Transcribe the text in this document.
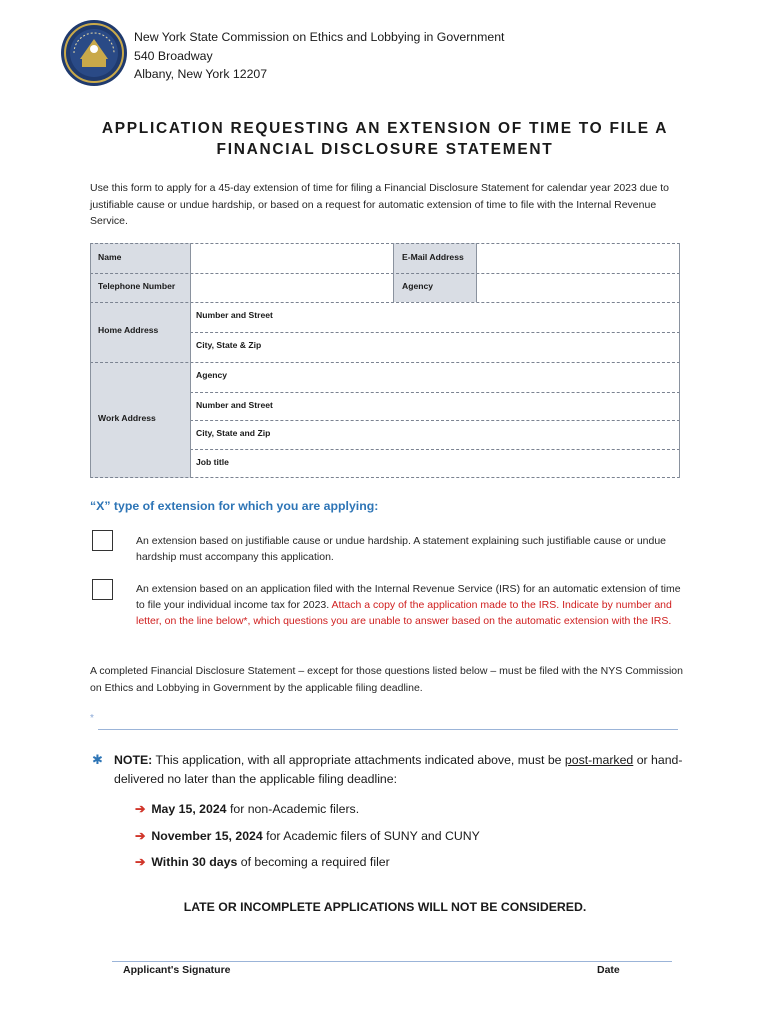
New York State Commission on Ethics and Lobbying in Government
540 Broadway
Albany, New York 12207
APPLICATION REQUESTING AN EXTENSION OF TIME TO FILE A
FINANCIAL DISCLOSURE STATEMENT
Use this form to apply for a 45-day extension of time for filing a Financial Disclosure Statement for calendar year 2023 due to justifiable cause or undue hardship, or based on a request for automatic extension of time to file with the Internal Revenue Service.
Name	E-Mail Address
Telephone Number	Agency
Home Address
Number and Street
City, State & Zip
Work Address
Agency
Number and Street
City, State and Zip
Job title
“X” type of extension for which you are applying:
An extension based on justifiable cause or undue hardship. A statement explaining such justifiable cause or undue hardship must accompany this application.
An extension based on an application filed with the Internal Revenue Service (IRS) for an automatic extension of time to file your individual income tax for 2023. Attach a copy of the application made to the IRS. Indicate by number and letter, on the line below*, which questions you are unable to answer based on the automatic extension with the IRS.
A completed Financial Disclosure Statement – except for those questions listed below – must be filed with the NYS Commission on Ethics and Lobbying in Government by the applicable filing deadline.
*
✱ NOTE: This application, with all appropriate attachments indicated above, must be post-marked or hand-delivered no later than the applicable filing deadline:
➔ May 15, 2024 for non-Academic filers.
➔ November 15, 2024 for Academic filers of SUNY and CUNY
➔ Within 30 days of becoming a required filer
LATE OR INCOMPLETE APPLICATIONS WILL NOT BE CONSIDERED.
Applicant's Signature	Date
